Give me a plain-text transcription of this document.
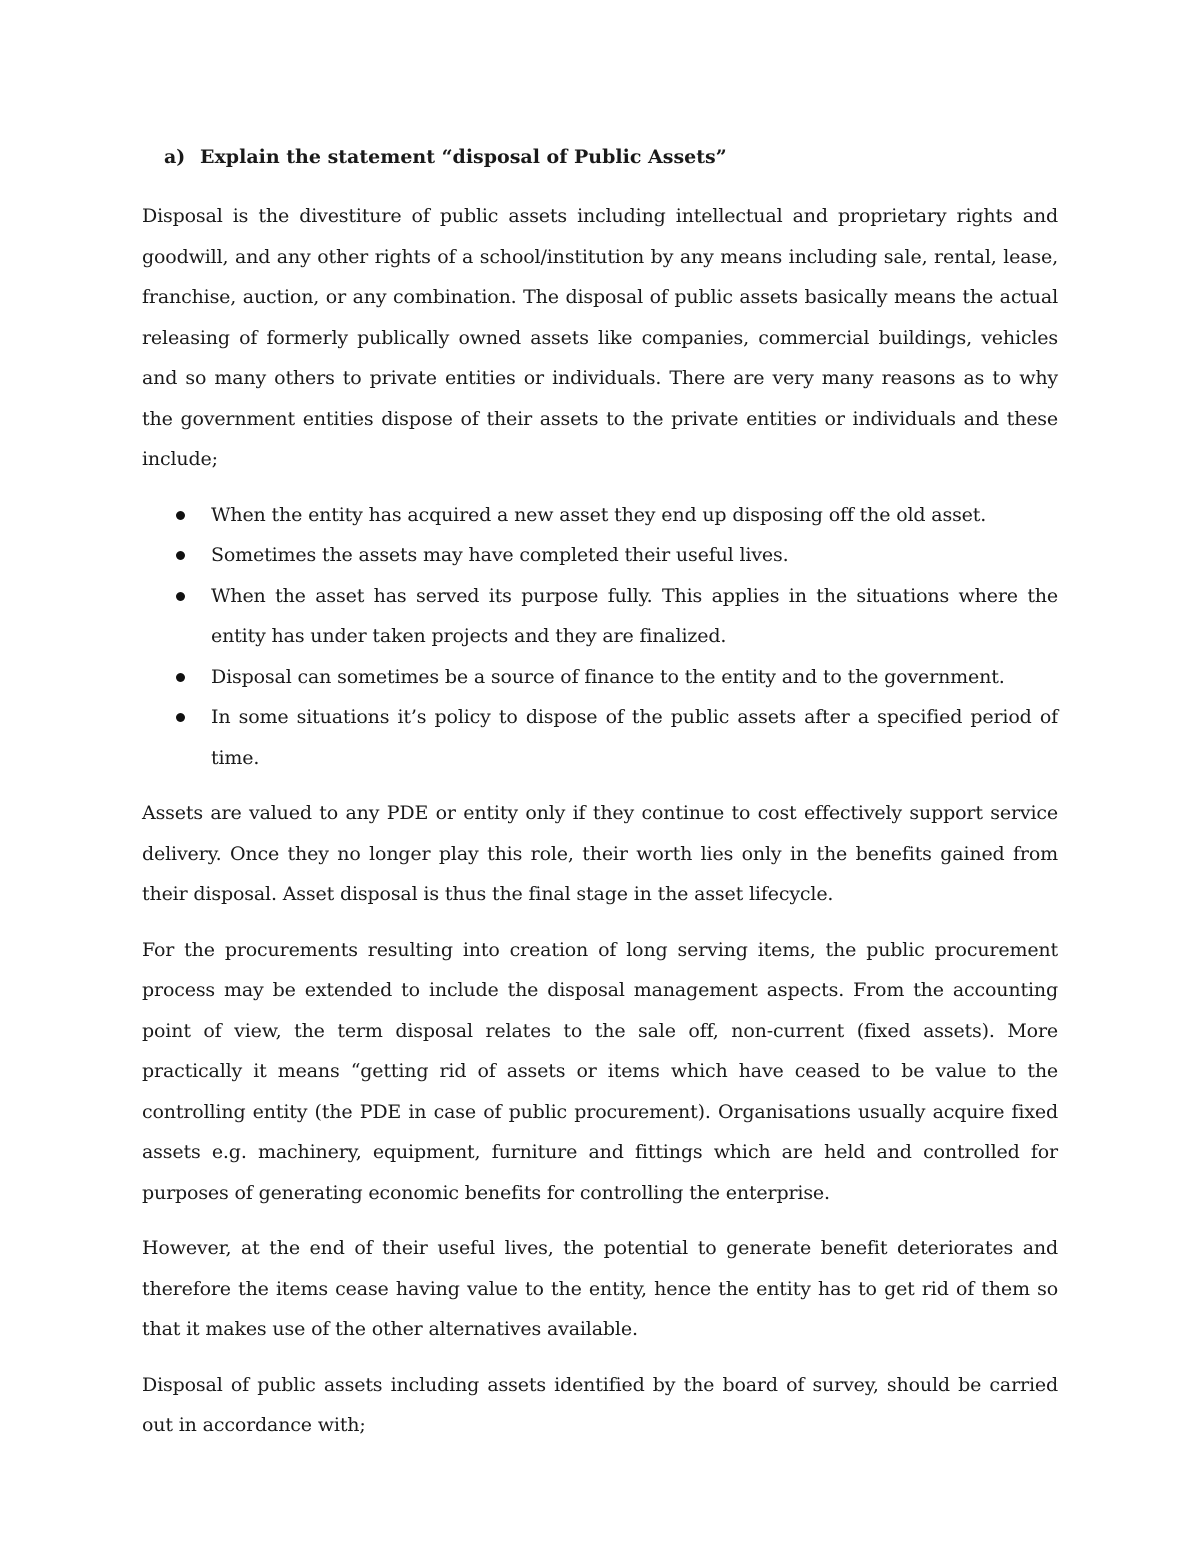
a) Explain the statement “disposal of Public Assets”

Disposal is the divestiture of public assets including intellectual and proprietary rights and goodwill, and any other rights of a school/institution by any means including sale, rental, lease, franchise, auction, or any combination. The disposal of public assets basically means the actual releasing of formerly publically owned assets like companies, commercial buildings, vehicles and so many others to private entities or individuals. There are very many reasons as to why the government entities dispose of their assets to the private entities or individuals and these include;

When the entity has acquired a new asset they end up disposing off the old asset.
Sometimes the assets may have completed their useful lives.
When the asset has served its purpose fully. This applies in the situations where the entity has under taken projects and they are finalized.
Disposal can sometimes be a source of finance to the entity and to the government.
In some situations it’s policy to dispose of the public assets after a specified period of time.

Assets are valued to any PDE or entity only if they continue to cost effectively support service delivery. Once they no longer play this role, their worth lies only in the benefits gained from their disposal. Asset disposal is thus the final stage in the asset lifecycle.

For the procurements resulting into creation of long serving items, the public procurement process may be extended to include the disposal management aspects. From the accounting point of view, the term disposal relates to the sale off, non-current (fixed assets). More practically it means “getting rid of assets or items which have ceased to be value to the controlling entity (the PDE in case of public procurement). Organisations usually acquire fixed assets e.g. machinery, equipment, furniture and fittings which are held and controlled for purposes of generating economic benefits for controlling the enterprise.

However, at the end of their useful lives, the potential to generate benefit deteriorates and therefore the items cease having value to the entity, hence the entity has to get rid of them so that it makes use of the other alternatives available.

Disposal of public assets including assets identified by the board of survey, should be carried out in accordance with;
